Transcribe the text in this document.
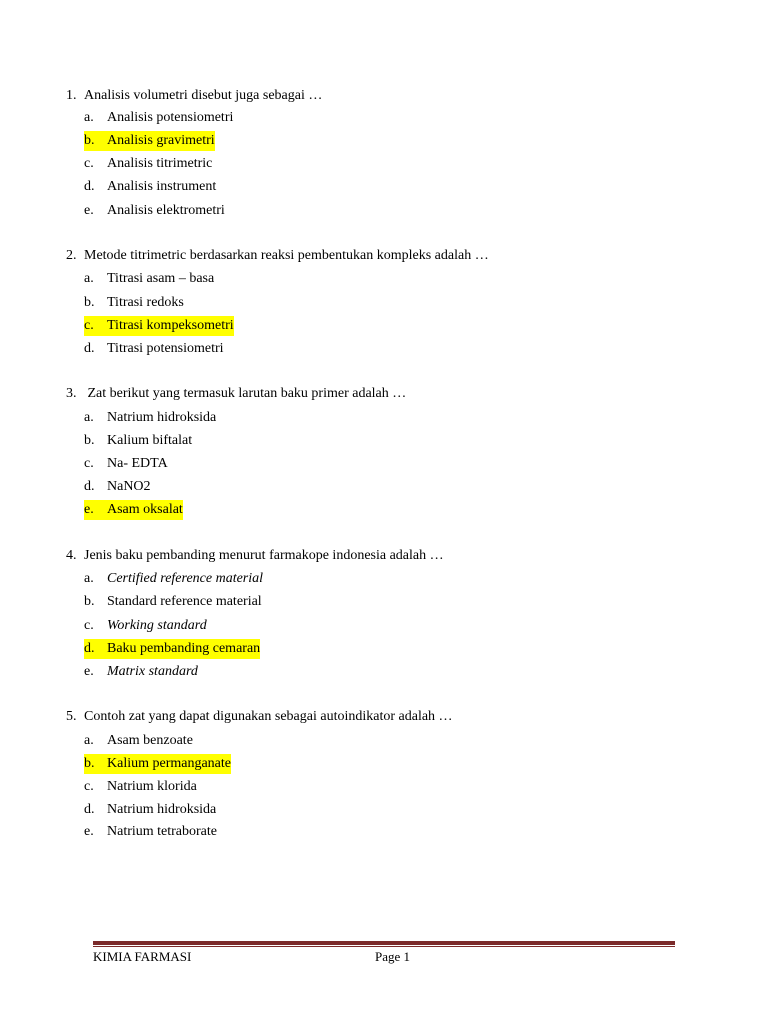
1. Analisis volumetri disebut juga sebagai …
a. Analisis potensiometri
b. Analisis gravimetri
c. Analisis titrimetric
d. Analisis instrument
e. Analisis elektrometri
2. Metode titrimetric berdasarkan reaksi pembentukan kompleks adalah …
a. Titrasi asam – basa
b. Titrasi redoks
c. Titrasi kompeksometri
d. Titrasi potensiometri
3. Zat berikut yang termasuk larutan baku primer adalah …
a. Natrium hidroksida
b. Kalium biftalat
c. Na- EDTA
d. NaNO2
e. Asam oksalat
4. Jenis baku pembanding menurut farmakope indonesia adalah …
a. Certified reference material
b. Standard reference material
c. Working standard
d. Baku pembanding cemaran
e. Matrix standard
5. Contoh zat yang dapat digunakan sebagai autoindikator adalah …
a. Asam benzoate
b. Kalium permanganate
c. Natrium klorida
d. Natrium hidroksida
e. Natrium tetraborate
KIMIA FARMASI	Page 1
